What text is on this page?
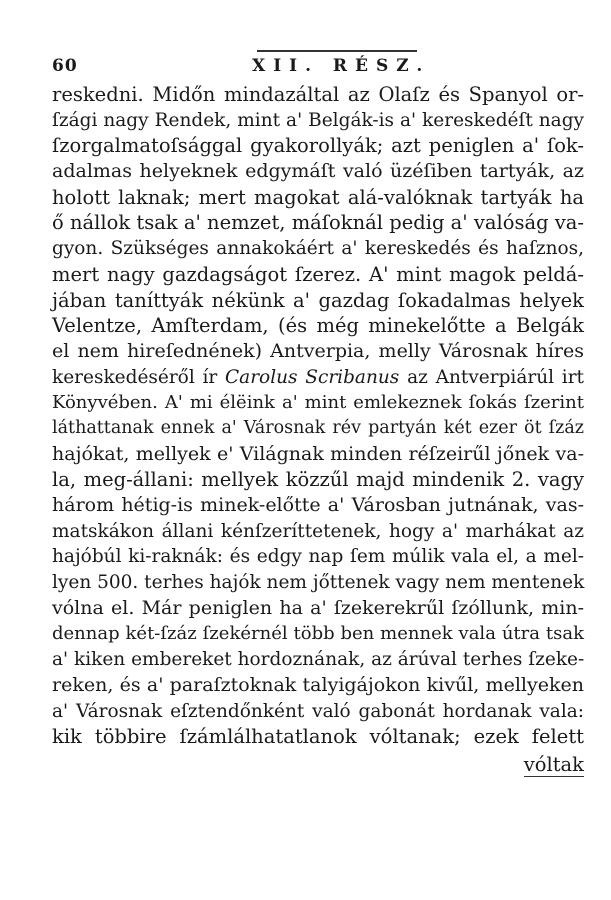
60	XII. RÉSZ.
reskedni. Midőn mindazáltal az Olaſz és Spanyol or-
ſzági nagy Rendek, mint a' Belgák-is a' kereskedéſt nagy
ſzorgalmatoſsággal gyakorollyák; azt peniglen a' ſok-
adalmas helyeknek edgymáſt való üzéſiben tartyák, az
holott laknak; mert magokat alá-valóknak tartyák ha
ő nállok tsak a' nemzet, máſoknál pedig a' valóság va-
gyon. Szükséges annakokáért a' kereskedés és haſznos,
mert nagy gazdagságot ſzerez. A' mint magok peldá-
jában taníttyák nékünk a' gazdag ſokadalmas helyek
Velentze, Amſterdam, (és még minekelőtte a Belgák
el nem hireſednének) Antverpia, melly Városnak híres
kereskedéséről ír Carolus Scribanus az Antverpiárúl irt
Könyvében. A' mi élëink a' mint emlekeznek ſokás ſzerint
láthattanak ennek a' Városnak rév partyán két ezer öt ſzáz
hajókat, mellyek e' Világnak minden réſzeirűl jőnek va-
la, meg-állani: mellyek közzűl majd mindenik 2. vagy
három hétig-is minek-előtte a' Városban jutnának, vas-
matskákon állani kénſzeríttetenek, hogy a' marhákat az
hajóbúl ki-raknák: és edgy nap ſem múlik vala el, a mel-
lyen 500. terhes hajók nem jőttenek vagy nem mentenek
vólna el. Már peniglen ha a' ſzekerekrűl ſzóllunk, min-
dennap két-ſzáz ſzekérnél több ben mennek vala útra tsak
a' kiken embereket hordoznának, az árúval terhes ſzeke-
reken, és a' paraſztoknak talyigájokon kivűl, mellyeken
a' Városnak eſztendőnként való gabonát hordanak vala:
kik többire ſzámlálhatatlanok vóltanak; ezek felett
vóltak
